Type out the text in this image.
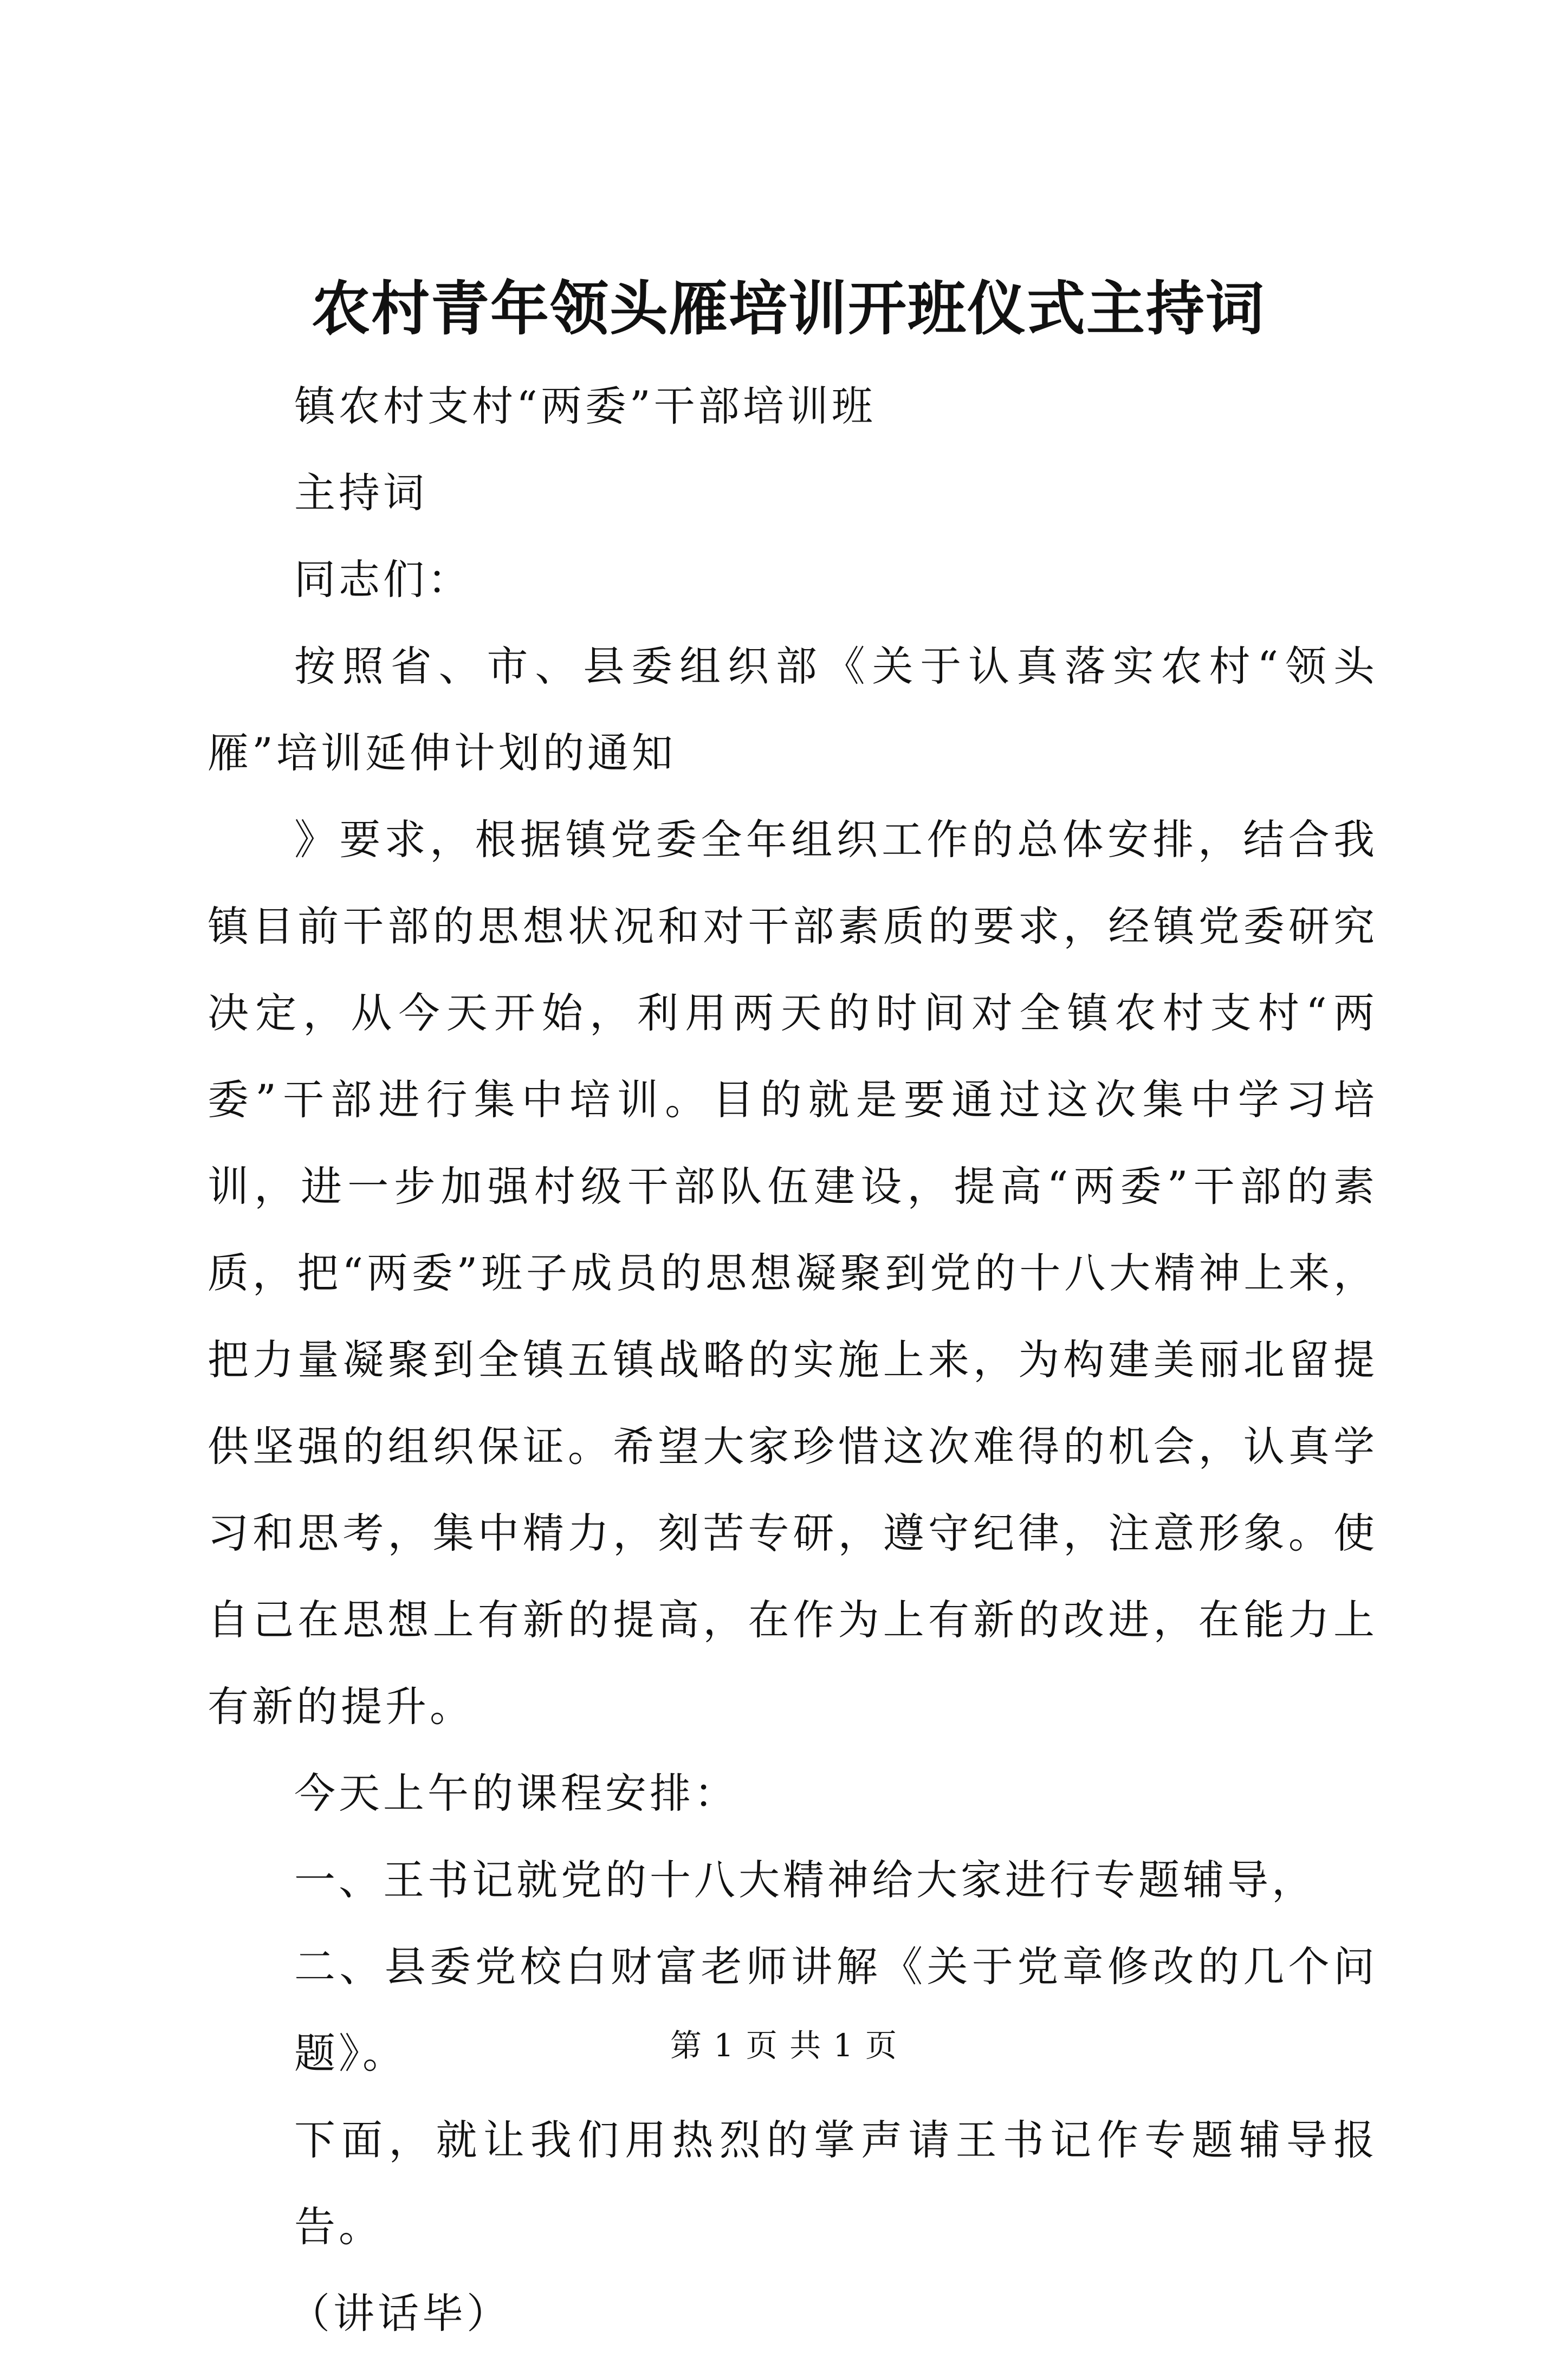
农村青年领头雁培训开班仪式主持词

镇农村支村“两委”干部培训班

主持词

同志们：

按照省、市、县委组织部《关于认真落实农村“领头雁”培训延伸计划的通知

》要求，根据镇党委全年组织工作的总体安排，结合我镇目前干部的思想状况和对干部素质的要求，经镇党委研究决定，从今天开始，利用两天的时间对全镇农村支村“两委”干部进行集中培训。目的就是要通过这次集中学习培训，进一步加强村级干部队伍建设，提高“两委”干部的素质，把“两委”班子成员的思想凝聚到党的十八大精神上来，把力量凝聚到全镇五镇战略的实施上来，为构建美丽北留提供坚强的组织保证。希望大家珍惜这次难得的机会，认真学习和思考，集中精力，刻苦专研，遵守纪律，注意形象。使自己在思想上有新的提高，在作为上有新的改进，在能力上有新的提升。

今天上午的课程安排：

一、王书记就党的十八大精神给大家进行专题辅导，

二、县委党校白财富老师讲解《关于党章修改的几个问题》。

下面，就让我们用热烈的掌声请王书记作专题辅导报告。

（讲话毕）

第 1 页 共 1 页
